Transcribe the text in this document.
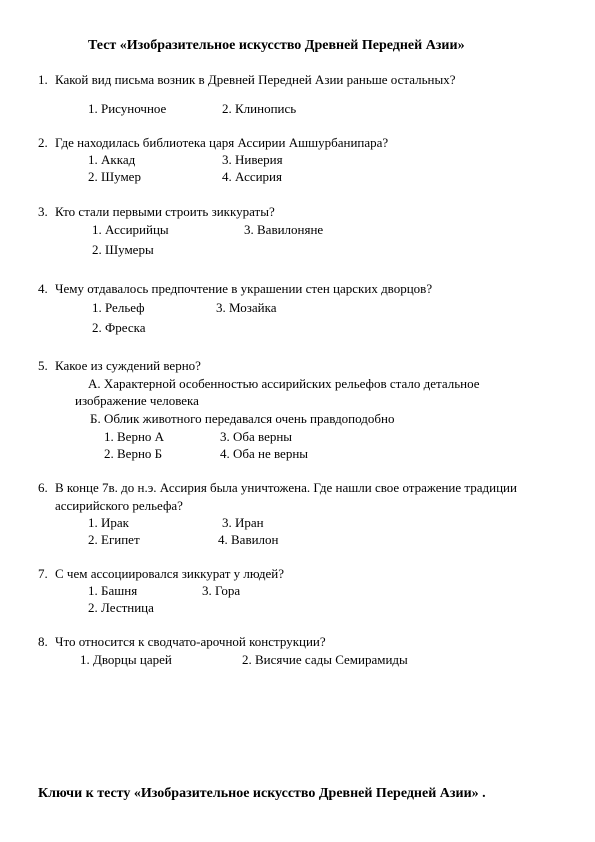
Тест «Изобразительное искусство Древней Передней Азии»
1. Какой вид письма возник в Древней Передней Азии раньше остальных?
1. Рисуночное	2. Клинопись
2. Где находилась библиотека царя Ассирии Ашшурбанипара?
1. Аккад	3. Ниверия
2. Шумер	4. Ассирия
3. Кто стали первыми строить зиккураты?
1. Ассирийцы	3. Вавилоняне
2. Шумеры
4. Чему отдавалось предпочтение в украшении стен царских дворцов?
1. Рельеф	3. Мозайка
2. Фреска
5. Какое из суждений верно?
А. Характерной особенностью ассирийских рельефов стало детальное
изображение человека
Б. Облик животного передавался очень правдоподобно
1. Верно А	3. Оба верны
2. Верно Б	4. Оба не верны
6. В конце 7в. до н.э. Ассирия была уничтожена. Где нашли свое отражение традиции
ассирийского рельефа?
1. Ирак	3. Иран
2. Египет	4. Вавилон
7. С чем ассоциировался зиккурат у людей?
1. Башня	3. Гора
2. Лестница
8. Что относится к сводчато-арочной конструкции?
1. Дворцы царей	2. Висячие сады Семирамиды
Ключи к тесту «Изобразительное искусство Древней Передней Азии» .
